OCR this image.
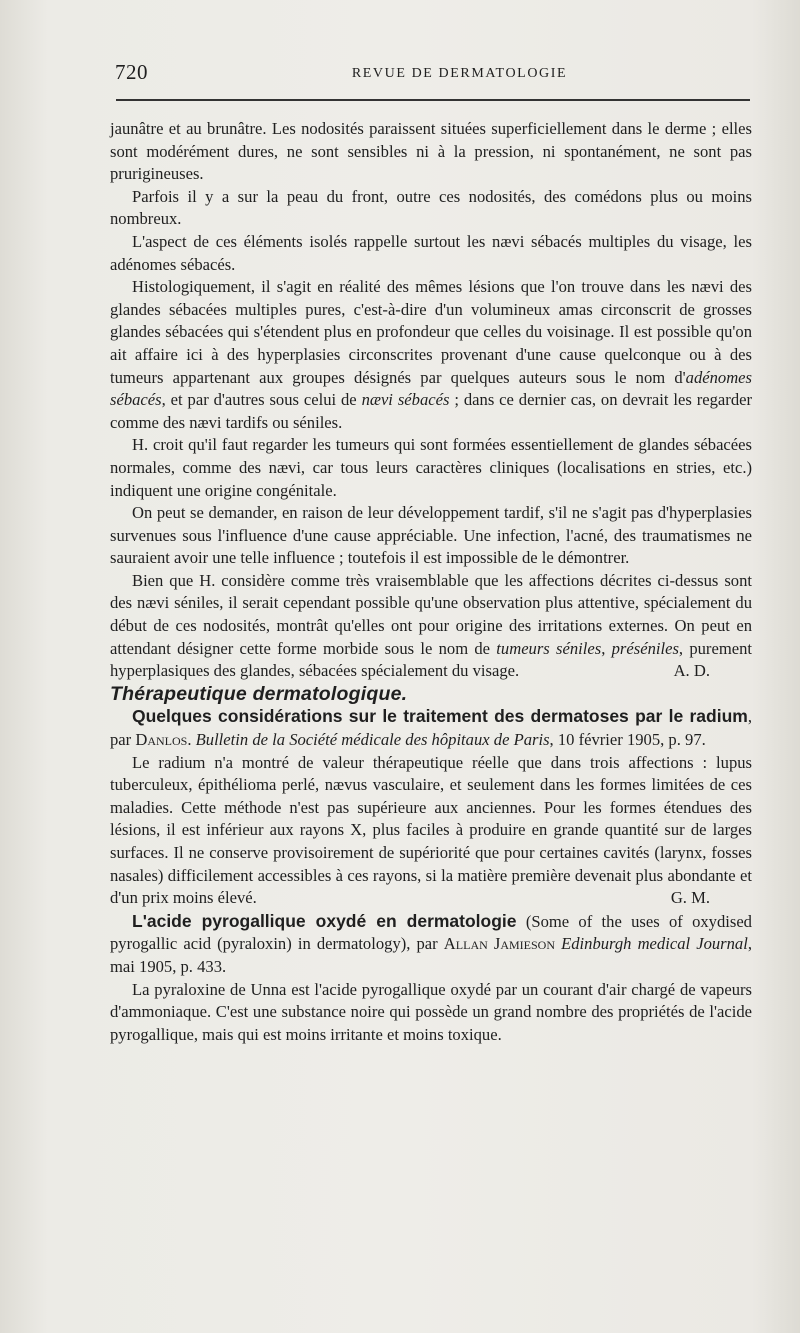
720	REVUE DE DERMATOLOGIE

jaunâtre et au brunâtre. Les nodosités paraissent situées superficiellement dans le derme ; elles sont modérément dures, ne sont sensibles ni à la pression, ni spontanément, ne sont pas prurigineuses.

Parfois il y a sur la peau du front, outre ces nodosités, des comédons plus ou moins nombreux.

L'aspect de ces éléments isolés rappelle surtout les nævi sébacés multiples du visage, les adénomes sébacés.

Histologiquement, il s'agit en réalité des mêmes lésions que l'on trouve dans les nævi des glandes sébacées multiples pures, c'est-à-dire d'un volumineux amas circonscrit de grosses glandes sébacées qui s'étendent plus en profondeur que celles du voisinage. Il est possible qu'on ait affaire ici à des hyperplasies circonscrites provenant d'une cause quelconque ou à des tumeurs appartenant aux groupes désignés par quelques auteurs sous le nom d'adénomes sébacés, et par d'autres sous celui de nævi sébacés ; dans ce dernier cas, on devrait les regarder comme des nævi tardifs ou séniles.

H. croit qu'il faut regarder les tumeurs qui sont formées essentiellement de glandes sébacées normales, comme des nævi, car tous leurs caractères cliniques (localisations en stries, etc.) indiquent une origine congénitale.

On peut se demander, en raison de leur développement tardif, s'il ne s'agit pas d'hyperplasies survenues sous l'influence d'une cause appréciable. Une infection, l'acné, des traumatismes ne sauraient avoir une telle influence ; toutefois il est impossible de le démontrer.

Bien que H. considère comme très vraisemblable que les affections décrites ci-dessus sont des nævi séniles, il serait cependant possible qu'une observation plus attentive, spécialement du début de ces nodosités, montrât qu'elles ont pour origine des irritations externes. On peut en attendant désigner cette forme morbide sous le nom de tumeurs séniles, préséniles, purement hyperplasiques des glandes, sébacées spécialement du visage.	A. D.

Thérapeutique dermatologique.

Quelques considérations sur le traitement des dermatoses par le radium, par Danlos. Bulletin de la Société médicale des hôpitaux de Paris, 10 février 1905, p. 97.

Le radium n'a montré de valeur thérapeutique réelle que dans trois affections : lupus tuberculeux, épithélioma perlé, nævus vasculaire, et seulement dans les formes limitées de ces maladies. Cette méthode n'est pas supérieure aux anciennes. Pour les formes étendues des lésions, il est inférieur aux rayons X, plus faciles à produire en grande quantité sur de larges surfaces. Il ne conserve provisoirement de supériorité que pour certaines cavités (larynx, fosses nasales) difficilement accessibles à ces rayons, si la matière première devenait plus abondante et d'un prix moins élevé.	G. M.

L'acide pyrogallique oxydé en dermatologie (Some of the uses of oxydised pyrogallic acid (pyraloxin) in dermatology), par Allan Jamieson Edinburgh medical Journal, mai 1905, p. 433.

La pyraloxine de Unna est l'acide pyrogallique oxydé par un courant d'air chargé de vapeurs d'ammoniaque. C'est une substance noire qui possède un grand nombre des propriétés de l'acide pyrogallique, mais qui est moins irritante et moins toxique.
